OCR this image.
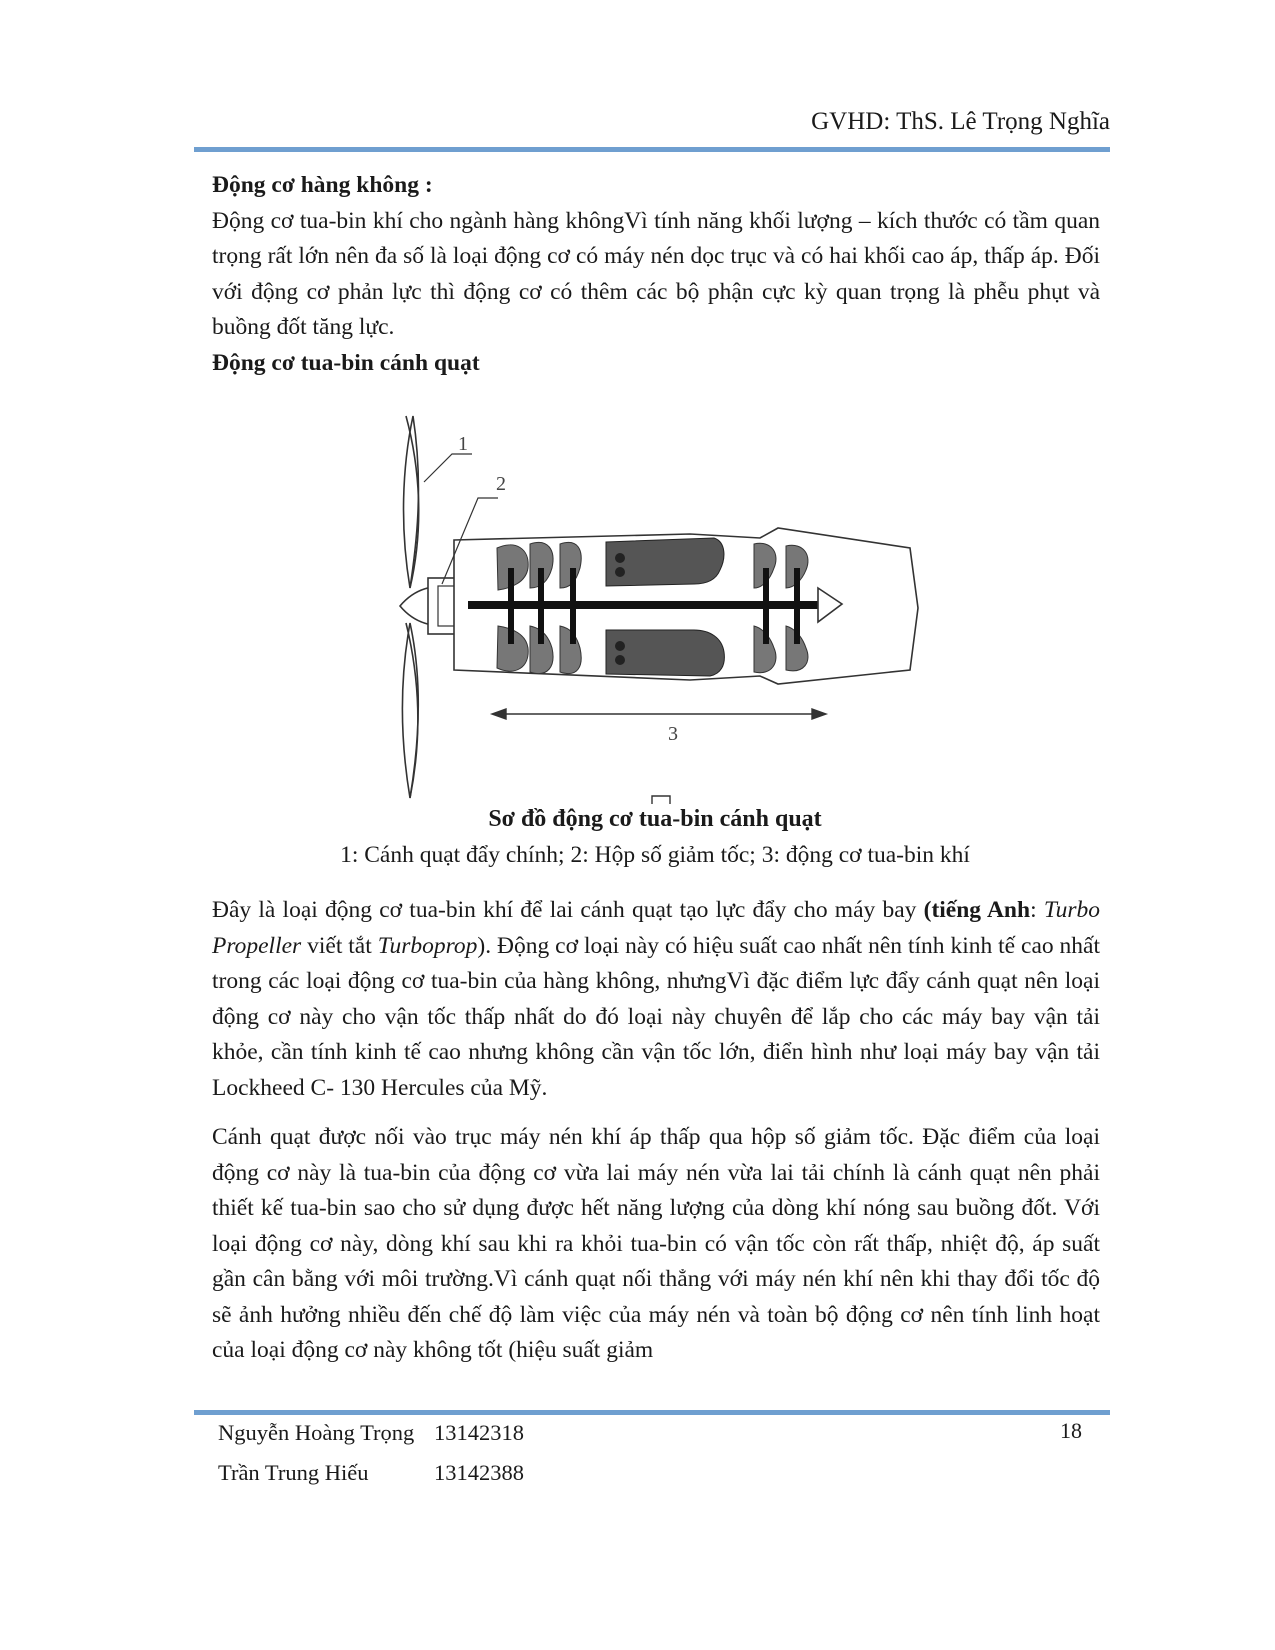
GVHD: ThS. Lê Trọng Nghĩa

Động cơ hàng không :

Động cơ tua-bin khí cho ngành hàng khôngVì tính năng khối lượng – kích thước có tầm quan trọng rất lớn nên đa số là loại động cơ có máy nén dọc trục và có hai khối cao áp, thấp áp. Đối với động cơ phản lực thì động cơ có thêm các bộ phận cực kỳ quan trọng là phễu phụt và buồng đốt tăng lực.

Động cơ tua-bin cánh quạt

1
2
3
Sơ đồ động cơ tua-bin cánh quạt
1: Cánh quạt đẩy chính; 2: Hộp số giảm tốc; 3: động cơ tua-bin khí

Đây là loại động cơ tua-bin khí để lai cánh quạt tạo lực đẩy cho máy bay (tiếng Anh: Turbo Propeller viết tắt Turboprop). Động cơ loại này có hiệu suất cao nhất nên tính kinh tế cao nhất trong các loại động cơ tua-bin của hàng không, nhưngVì đặc điểm lực đẩy cánh quạt nên loại động cơ này cho vận tốc thấp nhất do đó loại này chuyên để lắp cho các máy bay vận tải khỏe, cần tính kinh tế cao nhưng không cần vận tốc lớn, điển hình như loại máy bay vận tải Lockheed C- 130 Hercules của Mỹ.

Cánh quạt được nối vào trục máy nén khí áp thấp qua hộp số giảm tốc. Đặc điểm của loại động cơ này là tua-bin của động cơ vừa lai máy nén vừa lai tải chính là cánh quạt nên phải thiết kế tua-bin sao cho sử dụng được hết năng lượng của dòng khí nóng sau buồng đốt. Với loại động cơ này, dòng khí sau khi ra khỏi tua-bin có vận tốc còn rất thấp, nhiệt độ, áp suất gần cân bằng với môi trường.Vì cánh quạt nối thẳng với máy nén khí nên khi thay đổi tốc độ sẽ ảnh hưởng nhiều đến chế độ làm việc của máy nén và toàn bộ động cơ nên tính linh hoạt của loại động cơ này không tốt (hiệu suất giảm

Nguyễn Hoàng Trọng 13142318
Trần Trung Hiếu	13142388
18
